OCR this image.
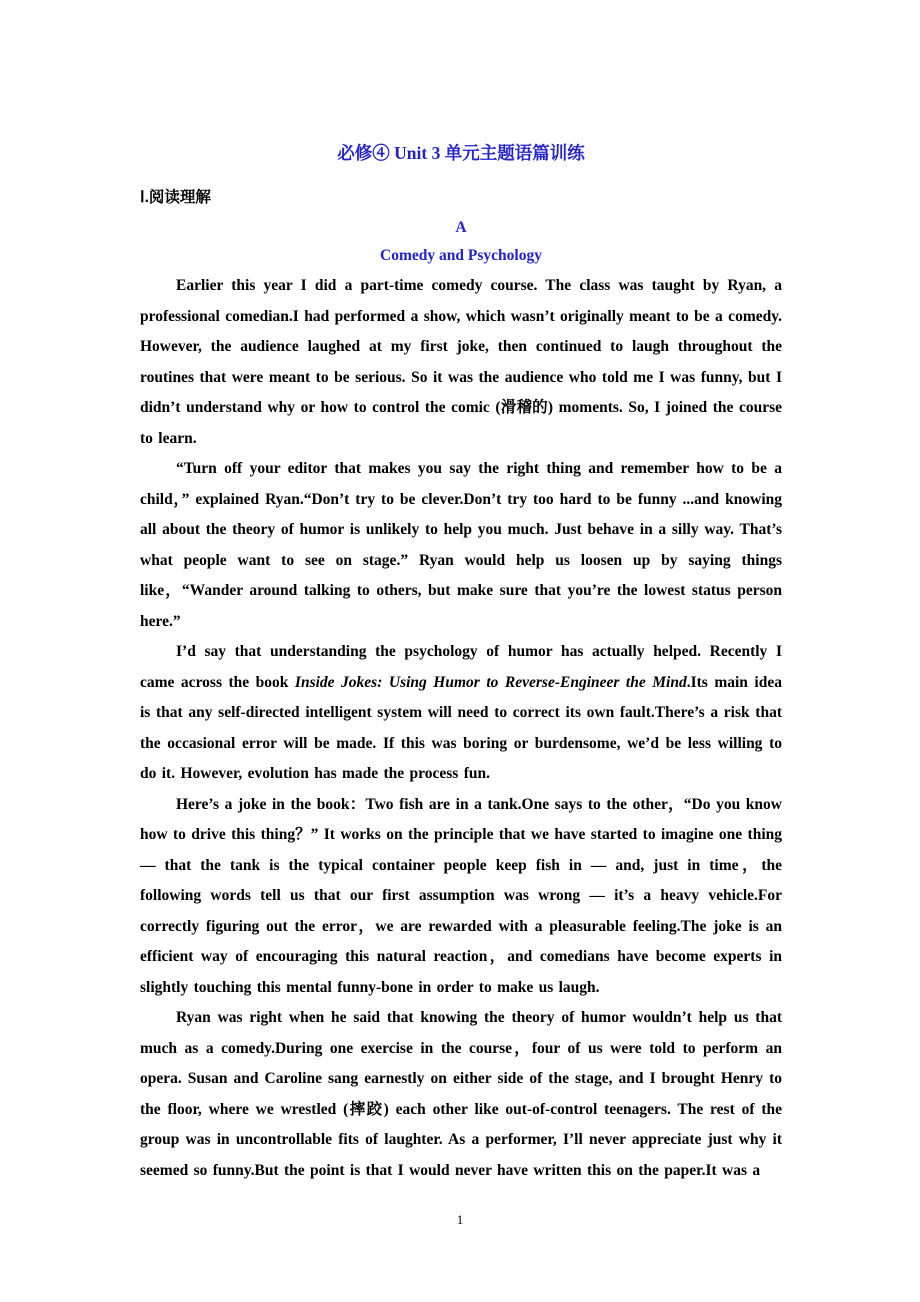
必修④ Unit 3 单元主题语篇训练
Ⅰ.阅读理解
A
Comedy and Psychology

Earlier this year I did a part-time comedy course. The class was taught by Ryan, a professional comedian.I had performed a show, which wasn’t originally meant to be a comedy. However, the audience laughed at my first joke, then continued to laugh throughout the routines that were meant to be serious. So it was the audience who told me I was funny, but I didn’t understand why or how to control the comic (滑稽的) moments. So, I joined the course to learn.

“Turn off your editor that makes you say the right thing and remember how to be a child，” explained Ryan.“Don’t try to be clever.Don’t try too hard to be funny ...and knowing all about the theory of humor is unlikely to help you much. Just behave in a silly way. That’s what people want to see on stage.” Ryan would help us loosen up by saying things like，“Wander around talking to others, but make sure that you’re the lowest status person here.”

I’d say that understanding the psychology of humor has actually helped. Recently I came across the book Inside Jokes: Using Humor to Reverse-Engineer the Mind.Its main idea is that any self-directed intelligent system will need to correct its own fault.There’s a risk that the occasional error will be made. If this was boring or burdensome, we’d be less willing to do it. However, evolution has made the process fun.

Here’s a joke in the book：Two fish are in a tank.One says to the other，“Do you know how to drive this thing？” It works on the principle that we have started to imagine one thing — that the tank is the typical container people keep fish in — and, just in time，the following words tell us that our first assumption was wrong — it’s a heavy vehicle.For correctly figuring out the error，we are rewarded with a pleasurable feeling.The joke is an efficient way of encouraging this natural reaction，and comedians have become experts in slightly touching this mental funny-bone in order to make us laugh.

Ryan was right when he said that knowing the theory of humor wouldn’t help us that much as a comedy.During one exercise in the course，four of us were told to perform an opera. Susan and Caroline sang earnestly on either side of the stage, and I brought Henry to the floor, where we wrestled (摔跤) each other like out-of-control teenagers. The rest of the group was in uncontrollable fits of laughter. As a performer, I’ll never appreciate just why it seemed so funny.But the point is that I would never have written this on the paper.It was a

1
